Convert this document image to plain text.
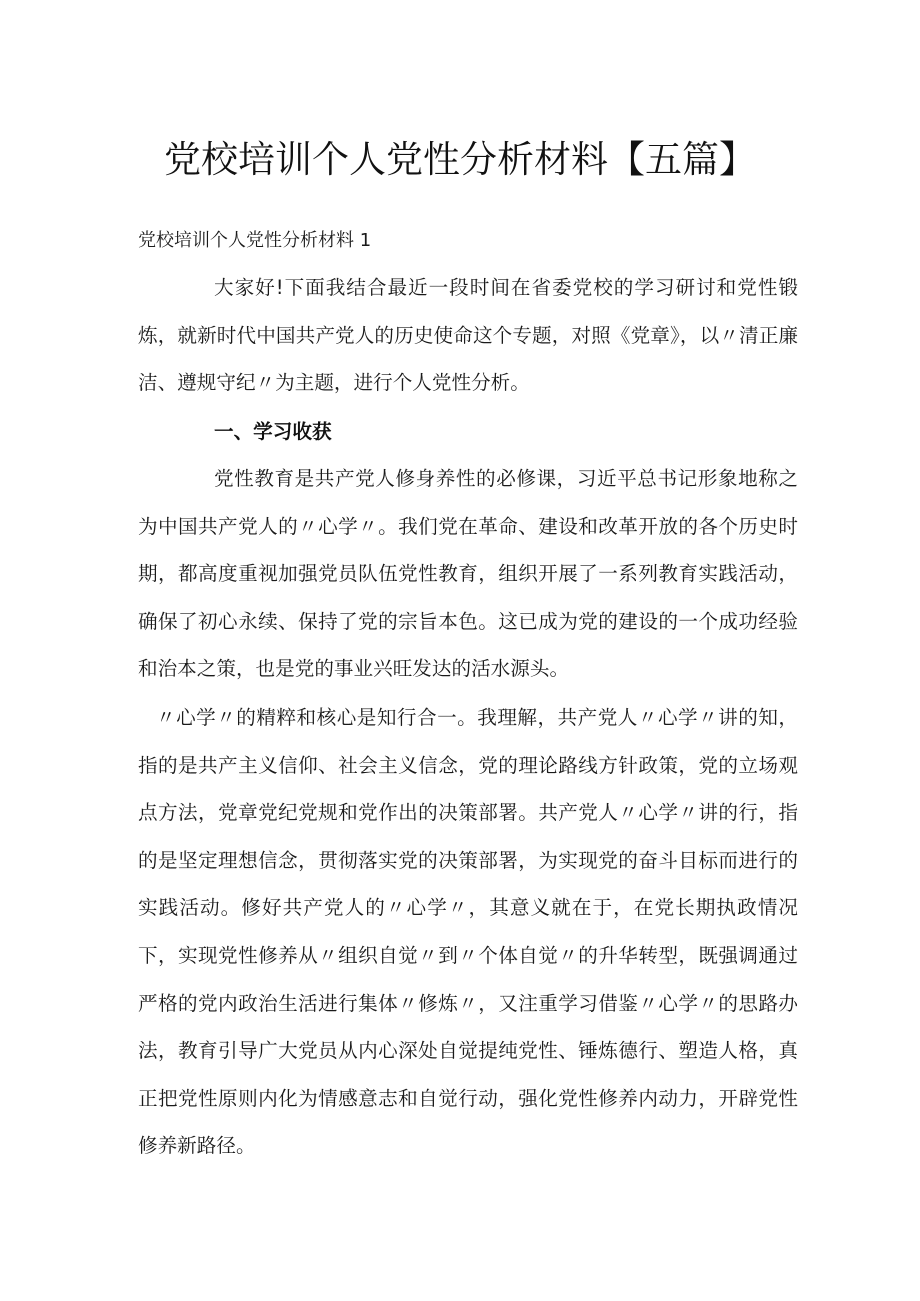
党校培训个人党性分析材料【五篇】

党校培训个人党性分析材料 1

大家好!下面我结合最近一段时间在省委党校的学习研讨和党性锻炼，就新时代中国共产党人的历史使命这个专题，对照《党章》，以〃清正廉洁、遵规守纪〃为主题，进行个人党性分析。

一、学习收获

党性教育是共产党人修身养性的必修课，习近平总书记形象地称之为中国共产党人的〃心学〃。我们党在革命、建设和改革开放的各个历史时期，都高度重视加强党员队伍党性教育，组织开展了一系列教育实践活动，确保了初心永续、保持了党的宗旨本色。这已成为党的建设的一个成功经验和治本之策，也是党的事业兴旺发达的活水源头。

〃心学〃的精粹和核心是知行合一。我理解，共产党人〃心学〃讲的知，指的是共产主义信仰、社会主义信念，党的理论路线方针政策，党的立场观点方法，党章党纪党规和党作出的决策部署。共产党人〃心学〃讲的行，指的是坚定理想信念，贯彻落实党的决策部署，为实现党的奋斗目标而进行的实践活动。修好共产党人的〃心学〃，其意义就在于，在党长期执政情况下，实现党性修养从〃组织自觉〃到〃个体自觉〃的升华转型，既强调通过严格的党内政治生活进行集体〃修炼〃，又注重学习借鉴〃心学〃的思路办法，教育引导广大党员从内心深处自觉提纯党性、锤炼德行、塑造人格，真正把党性原则内化为情感意志和自觉行动，强化党性修养内动力，开辟党性修养新路径。
